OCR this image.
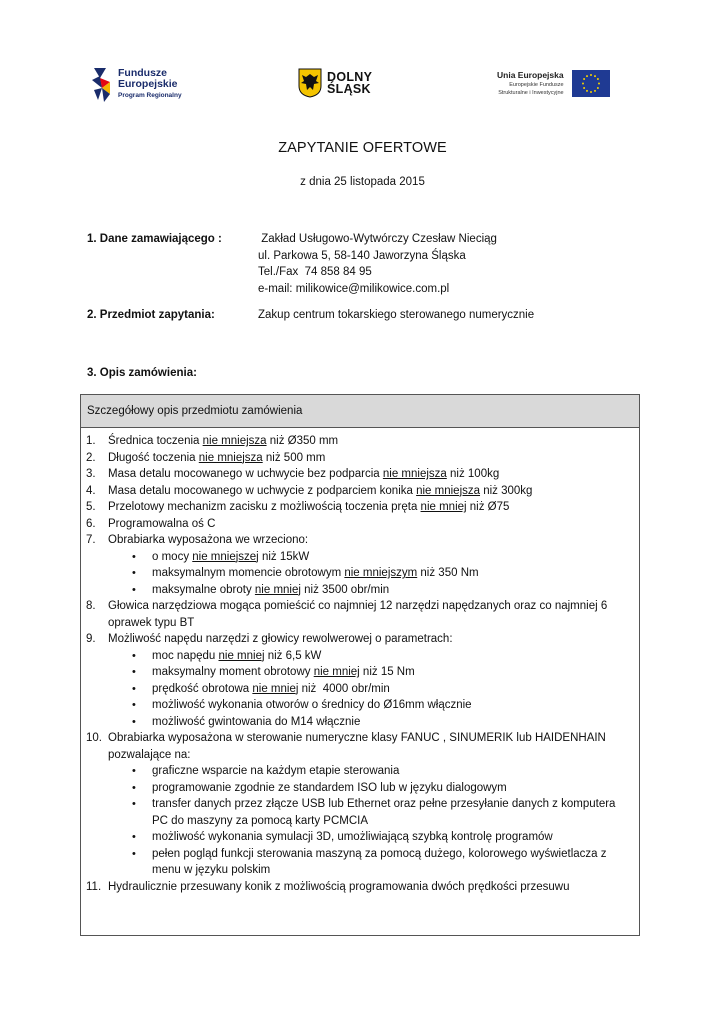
Fundusze
Europejskie
Program Regionalny
DOLNY
ŚLĄSK
Unia Europejska
Europejskie Fundusze
Strukturalne i Inwestycyjne
ZAPYTANIE OFERTOWE
z dnia 25 listopada 2015
1. Dane zamawiającego :	Zakład Usługowo-Wytwórczy Czesław Nieciąg
ul. Parkowa 5, 58-140 Jaworzyna Śląska
Tel./Fax  74 858 84 95
e-mail: milikowice@milikowice.com.pl
2. Przedmiot zapytania:	Zakup centrum tokarskiego sterowanego numerycznie
3. Opis zamówienia:
Szczegółowy opis przedmiotu zamówienia
1. Średnica toczenia nie mniejsza niż Ø350 mm
2. Długość toczenia nie mniejsza niż 500 mm
3. Masa detalu mocowanego w uchwycie bez podparcia nie mniejsza niż 100kg
4. Masa detalu mocowanego w uchwycie z podparciem konika nie mniejsza niż 300kg
5. Przelotowy mechanizm zacisku z możliwością toczenia pręta nie mniej niż Ø75
6. Programowalna oś C
7. Obrabiarka wyposażona we wrzeciono:
• o mocy nie mniejszej niż 15kW
• maksymalnym momencie obrotowym nie mniejszym niż 350 Nm
• maksymalne obroty nie mniej niż 3500 obr/min
8. Głowica narzędziowa mogąca pomieścić co najmniej 12 narzędzi napędzanych oraz co najmniej 6 oprawek typu BT
9. Możliwość napędu narzędzi z głowicy rewolwerowej o parametrach:
• moc napędu nie mniej niż 6,5 kW
• maksymalny moment obrotowy nie mniej niż 15 Nm
• prędkość obrotowa nie mniej niż  4000 obr/min
• możliwość wykonania otworów o średnicy do Ø16mm włącznie
• możliwość gwintowania do M14 włącznie
10. Obrabiarka wyposażona w sterowanie numeryczne klasy FANUC , SINUMERIK lub HAIDENHAIN pozwalające na:
• graficzne wsparcie na każdym etapie sterowania
• programowanie zgodnie ze standardem ISO lub w języku dialogowym
• transfer danych przez złącze USB lub Ethernet oraz pełne przesyłanie danych z komputera PC do maszyny za pomocą karty PCMCIA
• możliwość wykonania symulacji 3D, umożliwiającą szybką kontrolę programów
• pełen pogląd funkcji sterowania maszyną za pomocą dużego, kolorowego wyświetlacza z menu w języku polskim
11. Hydraulicznie przesuwany konik z możliwością programowania dwóch prędkości przesuwu
